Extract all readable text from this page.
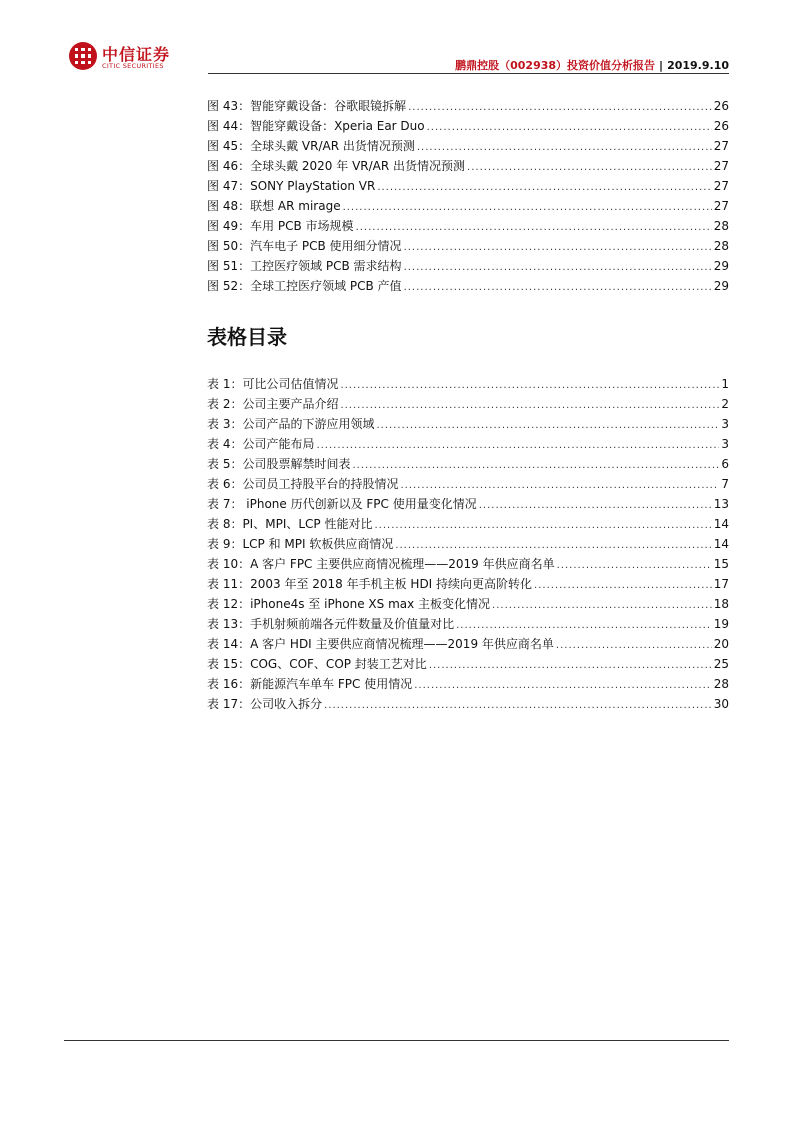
中信证券
CITIC SECURITIES	鹏鼎控股（002938）投资价值分析报告 | 2019.9.10
图 43：智能穿戴设备：谷歌眼镜拆解 .....	26
图 44：智能穿戴设备：Xperia Ear Duo .....	26
图 45：全球头戴 VR/AR 出货情况预测 .....	27
图 46：全球头戴 2020 年 VR/AR 出货情况预测 .....	27
图 47：SONY PlayStation VR .....	27
图 48：联想 AR mirage .....	27
图 49：车用 PCB 市场规模 .....	28
图 50：汽车电子 PCB 使用细分情况 .....	28
图 51：工控医疗领域 PCB 需求结构 .....	29
图 52：全球工控医疗领域 PCB 产值 .....	29
表格目录
表 1：可比公司估值情况 .....	1
表 2：公司主要产品介绍 .....	2
表 3：公司产品的下游应用领域 .....	3
表 4：公司产能布局 .....	3
表 5：公司股票解禁时间表 .....	6
表 6：公司员工持股平台的持股情况 .....	7
表 7： iPhone 历代创新以及 FPC 使用量变化情况 .....	13
表 8：PI、MPI、LCP 性能对比 .....	14
表 9：LCP 和 MPI 软板供应商情况 .....	14
表 10：A 客户 FPC 主要供应商情况梳理——2019 年供应商名单 .....	15
表 11：2003 年至 2018 年手机主板 HDI 持续向更高阶转化 .....	17
表 12：iPhone4s 至 iPhone XS max 主板变化情况 .....	18
表 13：手机射频前端各元件数量及价值量对比 .....	19
表 14：A 客户 HDI 主要供应商情况梳理——2019 年供应商名单 .....	20
表 15：COG、COF、COP 封装工艺对比 .....	25
表 16：新能源汽车单车 FPC 使用情况 .....	28
表 17：公司收入拆分 .....	30
